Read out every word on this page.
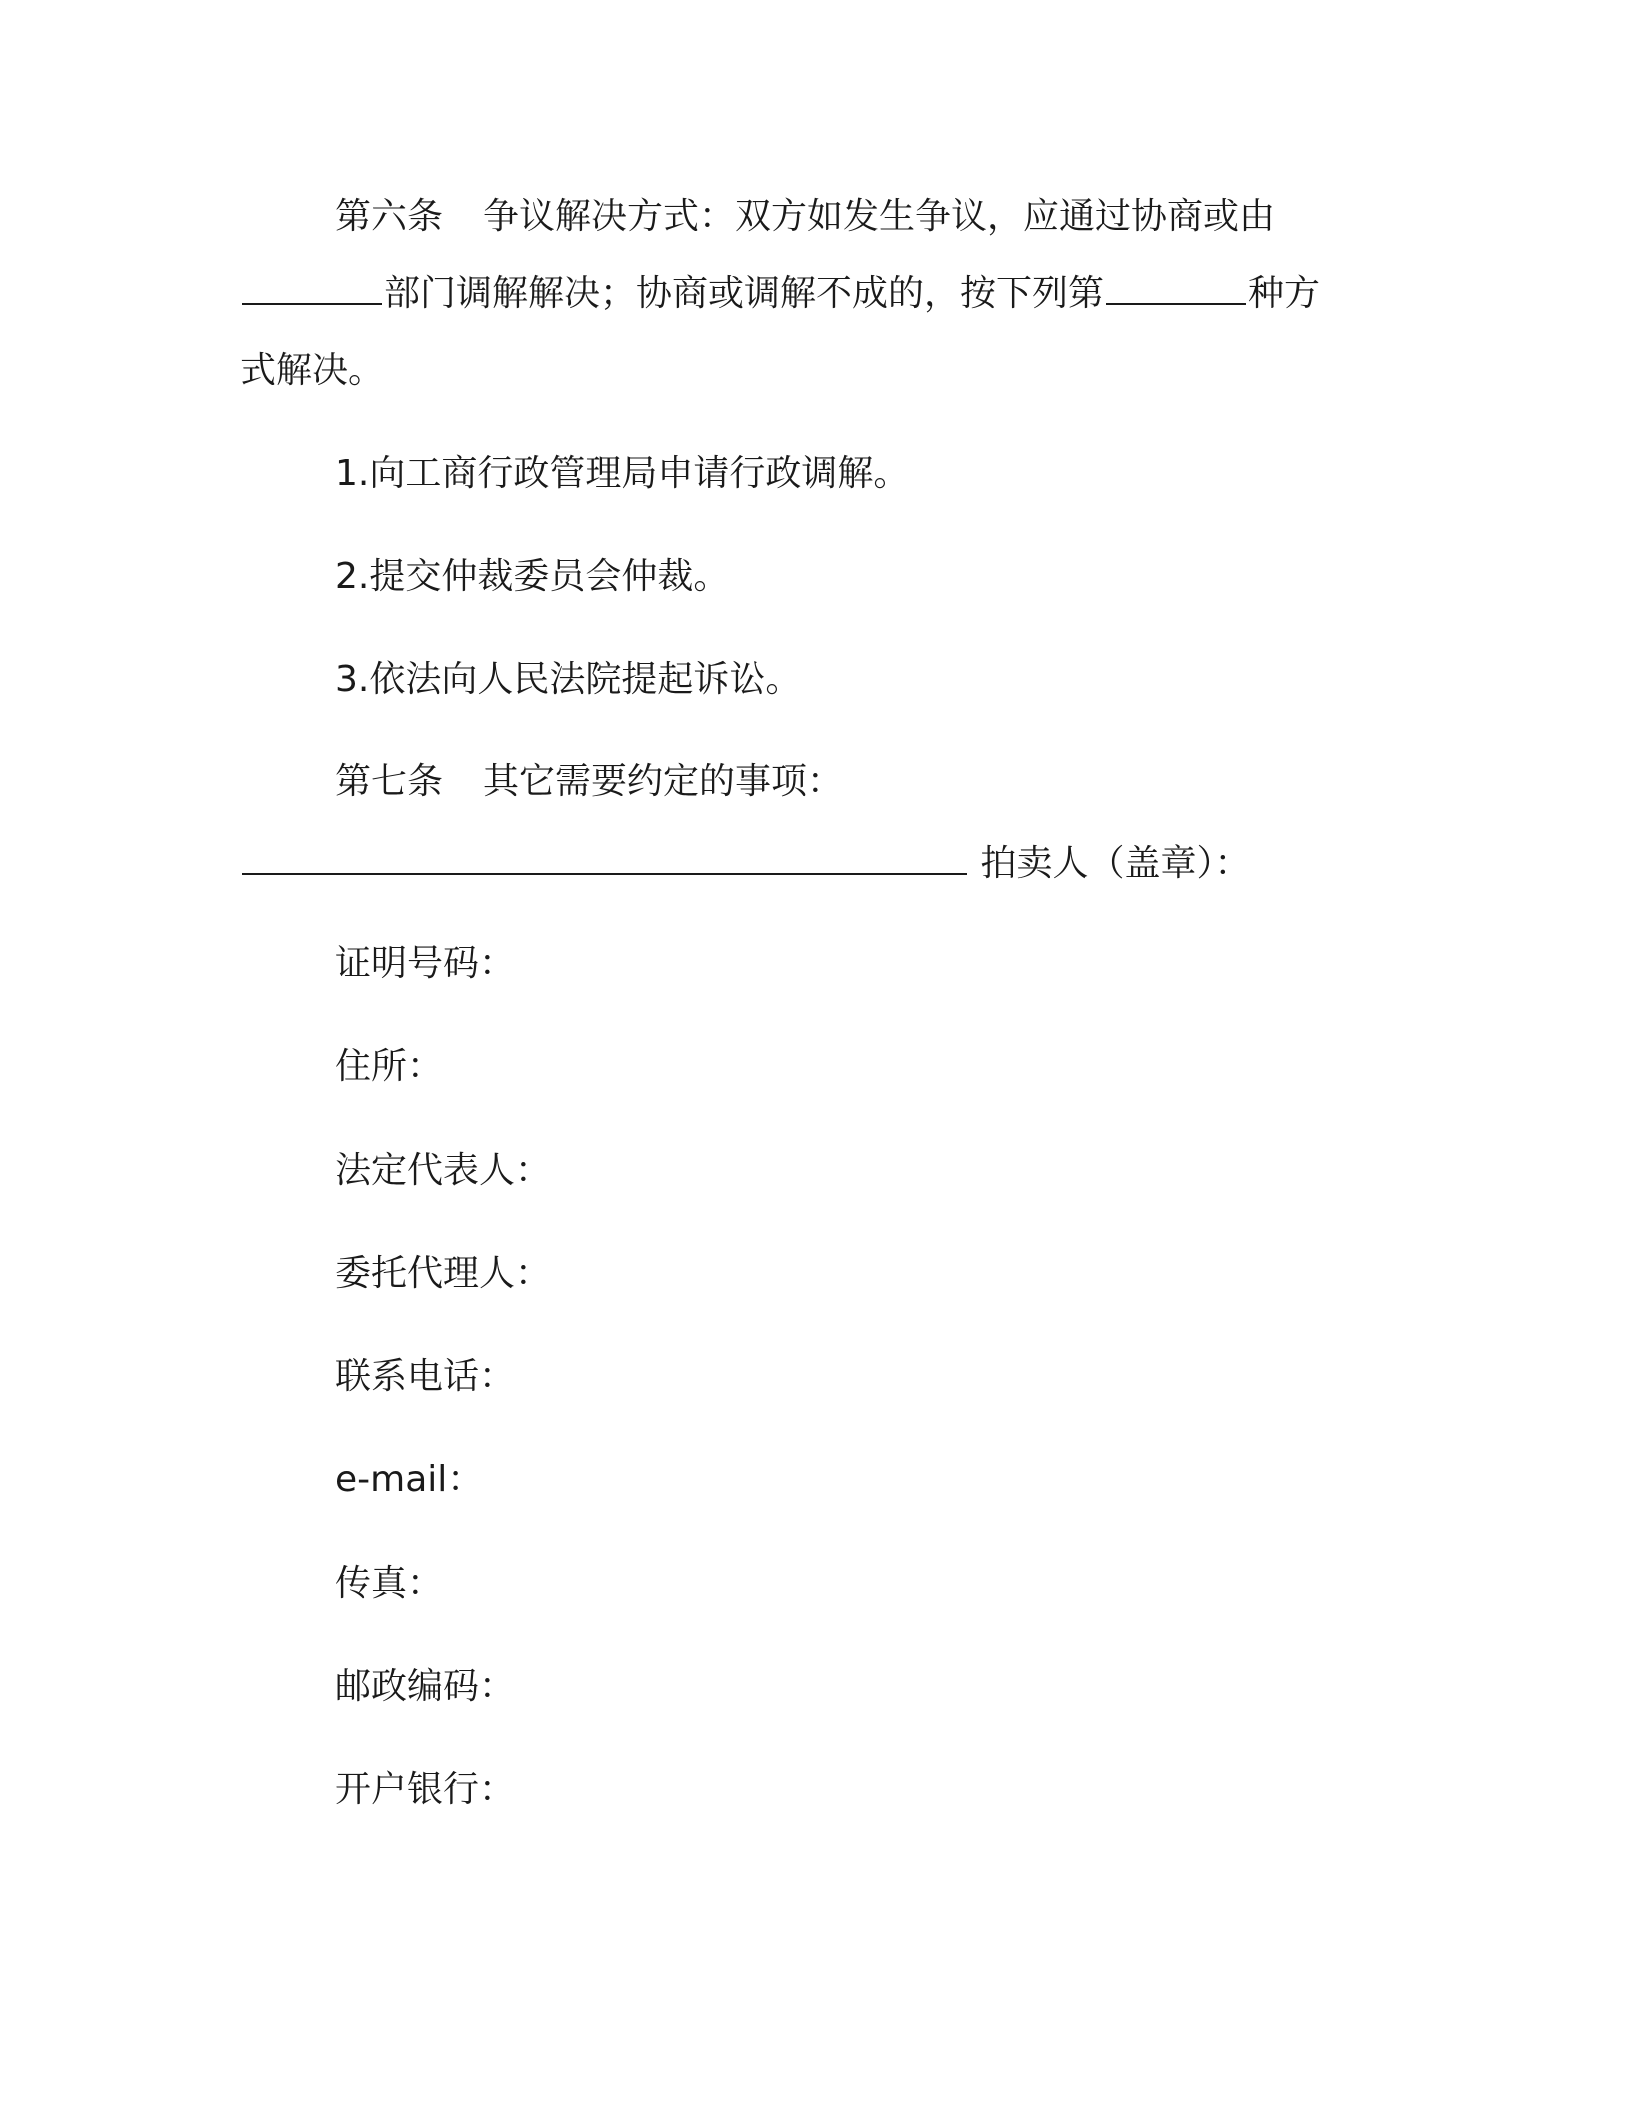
第六条 争议解决方式：双方如发生争议，应通过协商或由
部门调解解决；协商或调解不成的，按下列第	种方
式解决。
1.向工商行政管理局申请行政调解。
2.提交仲裁委员会仲裁。
3.依法向人民法院提起诉讼。
第七条 其它需要约定的事项：
拍卖人（盖章）：
证明号码：
住所：
法定代表人：
委托代理人：
联系电话：
e-mail：
传真：
邮政编码：
开户银行：
